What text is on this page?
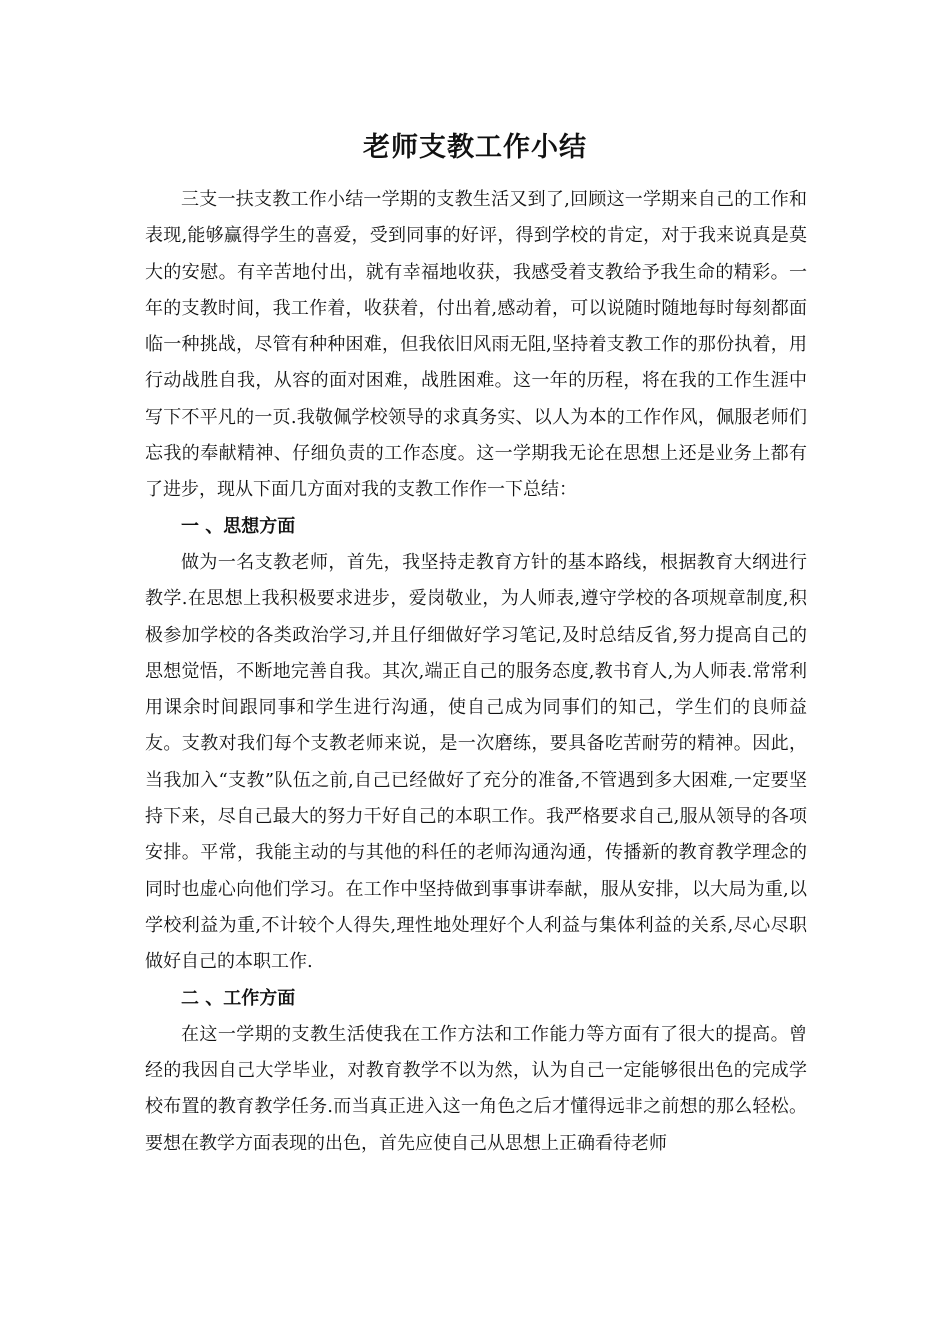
老师支教工作小结

三支一扶支教工作小结一学期的支教生活又到了,回顾这一学期来自己的工作和表现,能够赢得学生的喜爱，受到同事的好评，得到学校的肯定，对于我来说真是莫大的安慰。有辛苦地付出，就有幸福地收获，我感受着支教给予我生命的精彩。一年的支教时间，我工作着，收获着，付出着,感动着，可以说随时随地每时每刻都面临一种挑战，尽管有种种困难，但我依旧风雨无阻,坚持着支教工作的那份执着，用行动战胜自我，从容的面对困难，战胜困难。这一年的历程，将在我的工作生涯中写下不平凡的一页.我敬佩学校领导的求真务实、以人为本的工作作风，佩服老师们忘我的奉献精神、仔细负责的工作态度。这一学期我无论在思想上还是业务上都有了进步，现从下面几方面对我的支教工作作一下总结：

一 、思想方面

做为一名支教老师，首先，我坚持走教育方针的基本路线，根据教育大纲进行教学.在思想上我积极要求进步，爱岗敬业，为人师表,遵守学校的各项规章制度,积极参加学校的各类政治学习,并且仔细做好学习笔记,及时总结反省,努力提高自己的思想觉悟，不断地完善自我。其次,端正自己的服务态度,教书育人,为人师表.常常利用课余时间跟同事和学生进行沟通，使自己成为同事们的知己，学生们的良师益友。支教对我们每个支教老师来说，是一次磨练，要具备吃苦耐劳的精神。因此，当我加入“支教”队伍之前,自己已经做好了充分的准备,不管遇到多大困难,一定要坚持下来，尽自己最大的努力干好自己的本职工作。我严格要求自己,服从领导的各项安排。平常，我能主动的与其他的科任的老师沟通沟通，传播新的教育教学理念的同时也虚心向他们学习。在工作中坚持做到事事讲奉献，服从安排，以大局为重,以学校利益为重,不计较个人得失,理性地处理好个人利益与集体利益的关系,尽心尽职做好自己的本职工作.

二 、工作方面

在这一学期的支教生活使我在工作方法和工作能力等方面有了很大的提高。曾经的我因自己大学毕业，对教育教学不以为然，认为自己一定能够很出色的完成学校布置的教育教学任务.而当真正进入这一角色之后才懂得远非之前想的那么轻松。要想在教学方面表现的出色，首先应使自己从思想上正确看待老师
